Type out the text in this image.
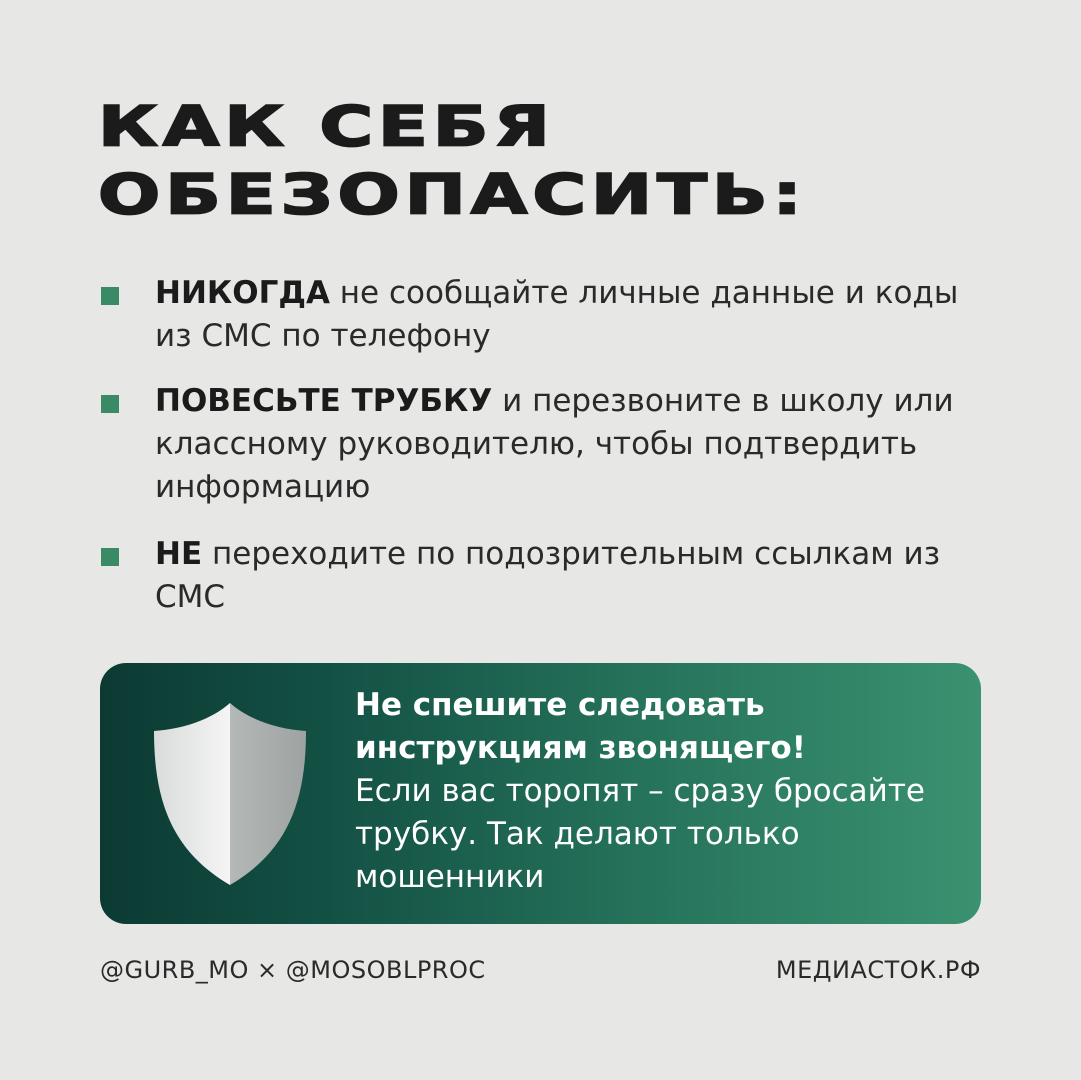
КАК СЕБЯ
ОБЕЗОПАСИТЬ:
НИКОГДА не сообщайте личные данные и коды из СМС по телефону
ПОВЕСЬТЕ ТРУБКУ и перезвоните в школу или классному руководителю, чтобы подтвердить информацию
НЕ переходите по подозрительным ссылкам из СМС
Не спешите следовать инструкциям звонящего!
Если вас торопят – сразу бросайте трубку. Так делают только мошенники
@GURB_MO × @MOSOBLPROC	МЕДИАСТОК.РФ
